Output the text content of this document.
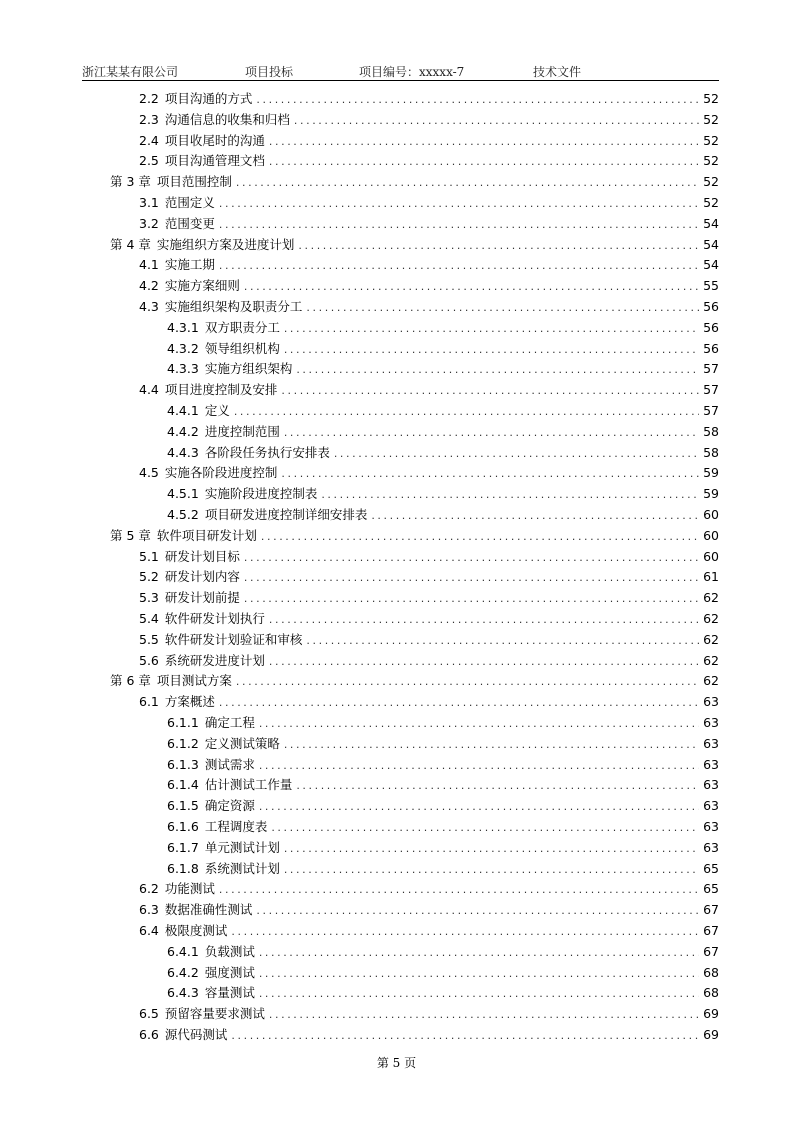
浙江某某有限公司	项目投标	项目编号：xxxxx-7	技术文件
2.2 项目沟通的方式 .....	52
2.3 沟通信息的收集和归档 .....	52
2.4 项目收尾时的沟通 .....	52
2.5 项目沟通管理文档 .....	52
第 3 章 项目范围控制 .....	52
3.1 范围定义 .....	52
3.2 范围变更 .....	54
第 4 章 实施组织方案及进度计划 .....	54
4.1 实施工期 .....	54
4.2 实施方案细则 .....	55
4.3 实施组织架构及职责分工 .....	56
4.3.1 双方职责分工 .....	56
4.3.2 领导组织机构 .....	56
4.3.3 实施方组织架构 .....	57
4.4 项目进度控制及安排 .....	57
4.4.1 定义 .....	57
4.4.2 进度控制范围 .....	58
4.4.3 各阶段任务执行安排表 .....	58
4.5 实施各阶段进度控制 .....	59
4.5.1 实施阶段进度控制表 .....	59
4.5.2 项目研发进度控制详细安排表 .....	60
第 5 章 软件项目研发计划 .....	60
5.1 研发计划目标 .....	60
5.2 研发计划内容 .....	61
5.3 研发计划前提 .....	62
5.4 软件研发计划执行 .....	62
5.5 软件研发计划验证和审核 .....	62
5.6 系统研发进度计划 .....	62
第 6 章 项目测试方案 .....	62
6.1 方案概述 .....	63
6.1.1 确定工程 .....	63
6.1.2 定义测试策略 .....	63
6.1.3 测试需求 .....	63
6.1.4 估计测试工作量 .....	63
6.1.5 确定资源 .....	63
6.1.6 工程调度表 .....	63
6.1.7 单元测试计划 .....	63
6.1.8 系统测试计划 .....	65
6.2 功能测试 .....	65
6.3 数据准确性测试 .....	67
6.4 极限度测试 .....	67
6.4.1 负载测试 .....	67
6.4.2 强度测试 .....	68
6.4.3 容量测试 .....	68
6.5 预留容量要求测试 .....	69
6.6 源代码测试 .....	69
第 5 页
